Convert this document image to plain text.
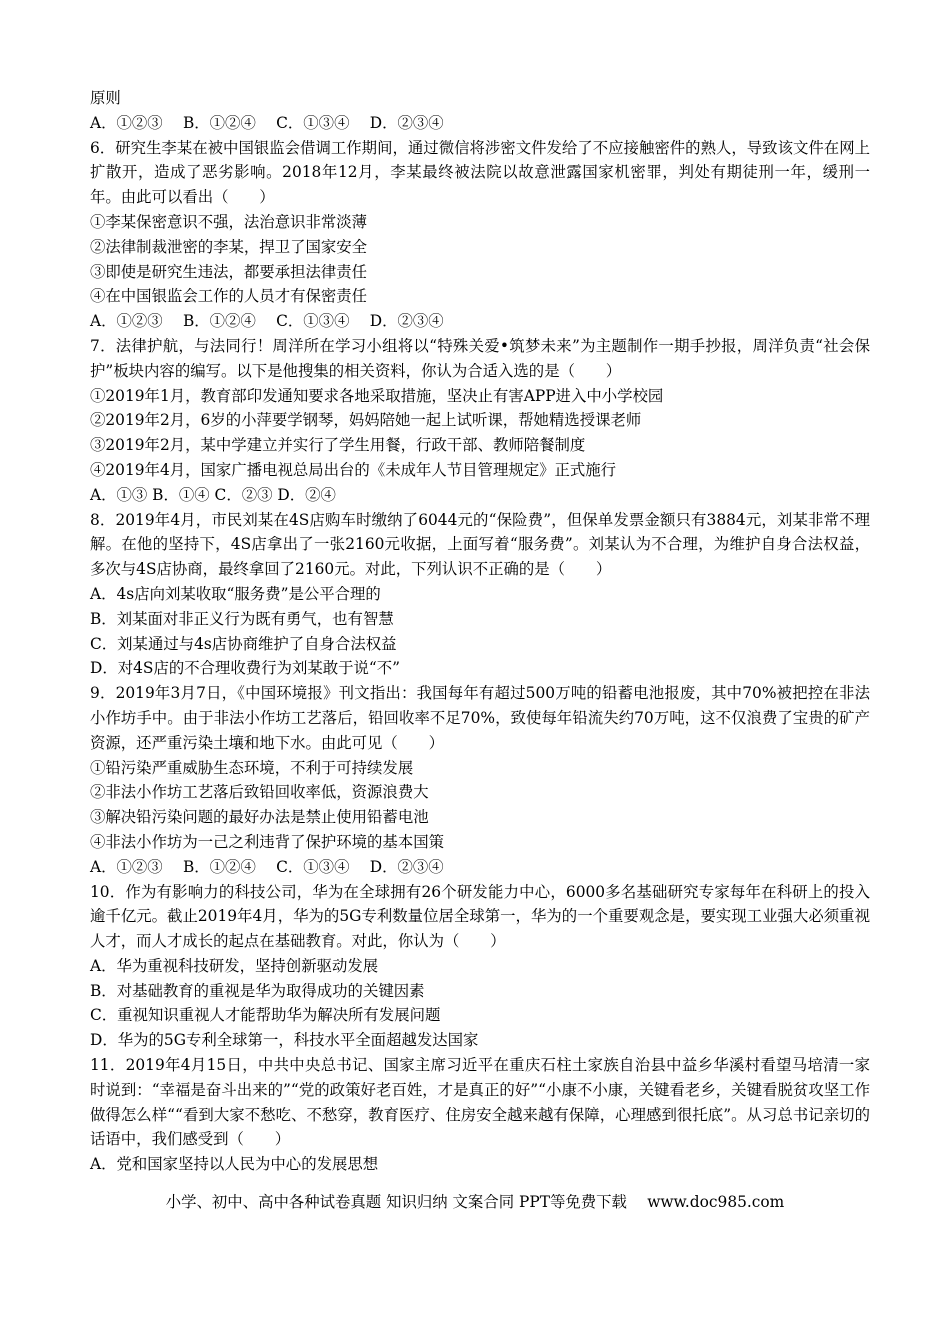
原则

A．①②③　 B．①②④　 C．①③④　 D．②③④

6．研究生李某在被中国银监会借调工作期间，通过微信将涉密文件发给了不应接触密件的熟人，导致该文件在网上扩散开，造成了恶劣影响。2018年12月，李某最终被法院以故意泄露国家机密罪，判处有期徒刑一年，缓刑一年。由此可以看出（　　）

①李某保密意识不强，法治意识非常淡薄

②法律制裁泄密的李某，捍卫了国家安全

③即使是研究生违法，都要承担法律责任

④在中国银监会工作的人员才有保密责任

A．①②③　 B．①②④　 C．①③④　 D．②③④

7．法律护航，与法同行！周洋所在学习小组将以“特殊关爱•筑梦未来”为主题制作一期手抄报，周洋负责“社会保护”板块内容的编写。以下是他搜集的相关资料，你认为合适入选的是（　　）

①2019年1月，教育部印发通知要求各地采取措施，坚决止有害APP进入中小学校园

②2019年2月，6岁的小萍要学钢琴，妈妈陪她一起上试听课，帮她精选授课老师

③2019年2月，某中学建立并实行了学生用餐，行政干部、教师陪餐制度

④2019年4月，国家广播电视总局出台的《未成年人节目管理规定》正式施行

A．①③ B．①④ C．②③ D．②④

8．2019年4月，市民刘某在4S店购车时缴纳了6044元的“保险费”，但保单发票金额只有3884元，刘某非常不理解。在他的坚持下，4S店拿出了一张2160元收据，上面写着“服务费”。刘某认为不合理，为维护自身合法权益，多次与4S店协商，最终拿回了2160元。对此，下列认识不正确的是（　　）

A．4s店向刘某收取“服务费”是公平合理的

B．刘某面对非正义行为既有勇气，也有智慧

C．刘某通过与4s店协商维护了自身合法权益

D．对4S店的不合理收费行为刘某敢于说“不”

9．2019年3月7日，《中国环境报》刊文指出：我国每年有超过500万吨的铅蓄电池报废，其中70%被把控在非法小作坊手中。由于非法小作坊工艺落后，铅回收率不足70%，致使每年铅流失约70万吨，这不仅浪费了宝贵的矿产资源，还严重污染土壤和地下水。由此可见（　　）

①铅污染严重威胁生态环境，不利于可持续发展

②非法小作坊工艺落后致铅回收率低，资源浪费大

③解决铅污染问题的最好办法是禁止使用铅蓄电池

④非法小作坊为一己之利违背了保护环境的基本国策

A．①②③　 B．①②④　 C．①③④　 D．②③④

10．作为有影响力的科技公司，华为在全球拥有26个研发能力中心，6000多名基础研究专家每年在科研上的投入逾千亿元。截止2019年4月，华为的5G专利数量位居全球第一，华为的一个重要观念是，要实现工业强大必须重视人才，而人才成长的起点在基础教育。对此，你认为（　　）

A．华为重视科技研发，坚持创新驱动发展

B．对基础教育的重视是华为取得成功的关键因素

C．重视知识重视人才能帮助华为解决所有发展问题

D．华为的5G专利全球第一，科技水平全面超越发达国家

11．2019年4月15日，中共中央总书记、国家主席习近平在重庆石柱土家族自治县中益乡华溪村看望马培清一家时说到：“幸福是奋斗出来的”“党的政策好老百姓，才是真正的好”“小康不小康，关键看老乡，关键看脱贫攻坚工作做得怎么样““看到大家不愁吃、不愁穿，教育医疗、住房安全越来越有保障，心理感到很托底”。从习总书记亲切的话语中，我们感受到（　　）

A．党和国家坚持以人民为中心的发展思想

小学、初中、高中各种试卷真题 知识归纳 文案合同 PPT等免费下载　 www.doc985.com
